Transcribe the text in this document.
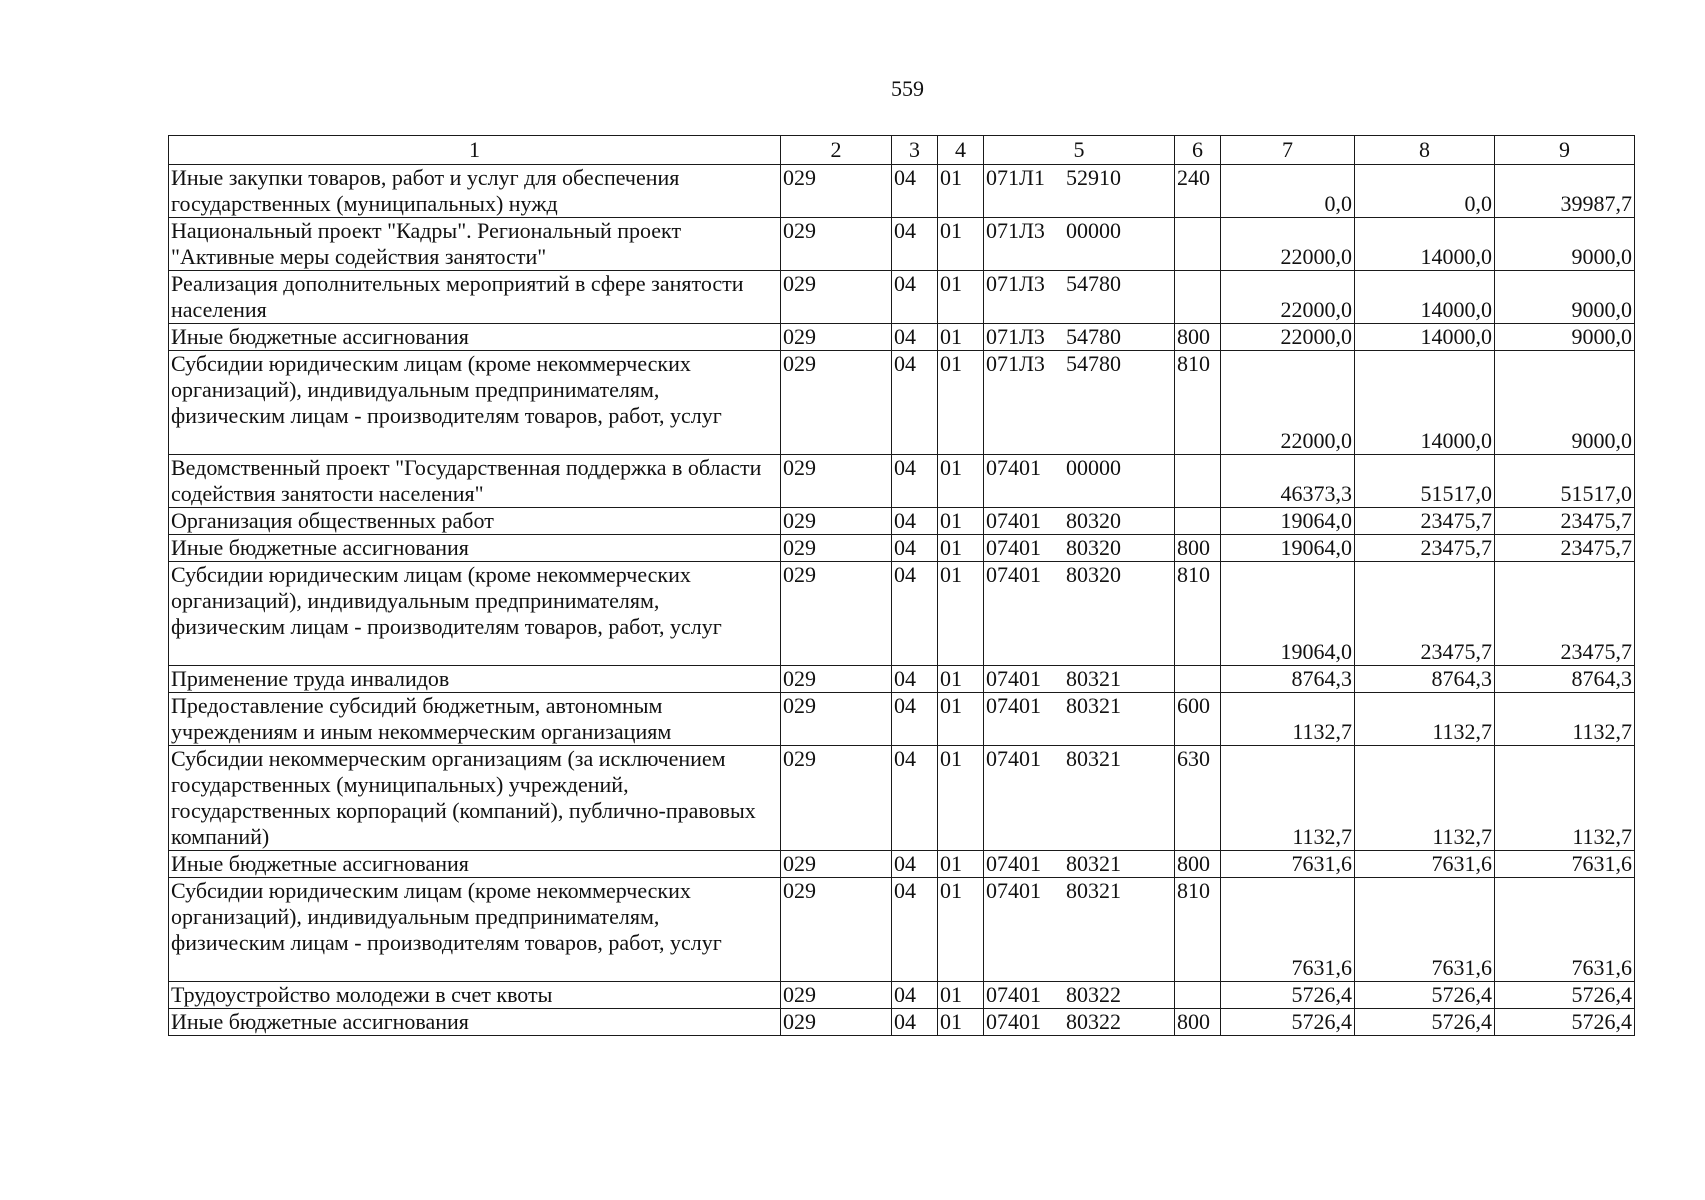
559
1	2	3	4	5	6	7	8	9
Иные закупки товаров, работ и услуг для обеспечения государственных (муниципальных) нужд	029	04	01	071Л1 52910	240	0,0	0,0	39987,7
Национальный проект "Кадры". Региональный проект "Активные меры содействия занятости"	029	04	01	071Л3 00000		22000,0	14000,0	9000,0
Реализация дополнительных мероприятий в сфере занятости населения	029	04	01	071Л3 54780		22000,0	14000,0	9000,0
Иные бюджетные ассигнования	029	04	01	071Л3 54780	800	22000,0	14000,0	9000,0
Субсидии юридическим лицам (кроме некоммерческих организаций), индивидуальным предпринимателям, физическим лицам - производителям товаров, работ, услуг	029	04	01	071Л3 54780	810	22000,0	14000,0	9000,0
Ведомственный проект "Государственная поддержка в области содействия занятости населения"	029	04	01	07401 00000		46373,3	51517,0	51517,0
Организация общественных работ	029	04	01	07401 80320		19064,0	23475,7	23475,7
Иные бюджетные ассигнования	029	04	01	07401 80320	800	19064,0	23475,7	23475,7
Субсидии юридическим лицам (кроме некоммерческих организаций), индивидуальным предпринимателям, физическим лицам - производителям товаров, работ, услуг	029	04	01	07401 80320	810	19064,0	23475,7	23475,7
Применение труда инвалидов	029	04	01	07401 80321		8764,3	8764,3	8764,3
Предоставление субсидий бюджетным, автономным учреждениям и иным некоммерческим организациям	029	04	01	07401 80321	600	1132,7	1132,7	1132,7
Субсидии некоммерческим организациям (за исключением государственных (муниципальных) учреждений, государственных корпораций (компаний), публично-правовых компаний)	029	04	01	07401 80321	630	1132,7	1132,7	1132,7
Иные бюджетные ассигнования	029	04	01	07401 80321	800	7631,6	7631,6	7631,6
Субсидии юридическим лицам (кроме некоммерческих организаций), индивидуальным предпринимателям, физическим лицам - производителям товаров, работ, услуг	029	04	01	07401 80321	810	7631,6	7631,6	7631,6
Трудоустройство молодежи в счет квоты	029	04	01	07401 80322		5726,4	5726,4	5726,4
Иные бюджетные ассигнования	029	04	01	07401 80322	800	5726,4	5726,4	5726,4
